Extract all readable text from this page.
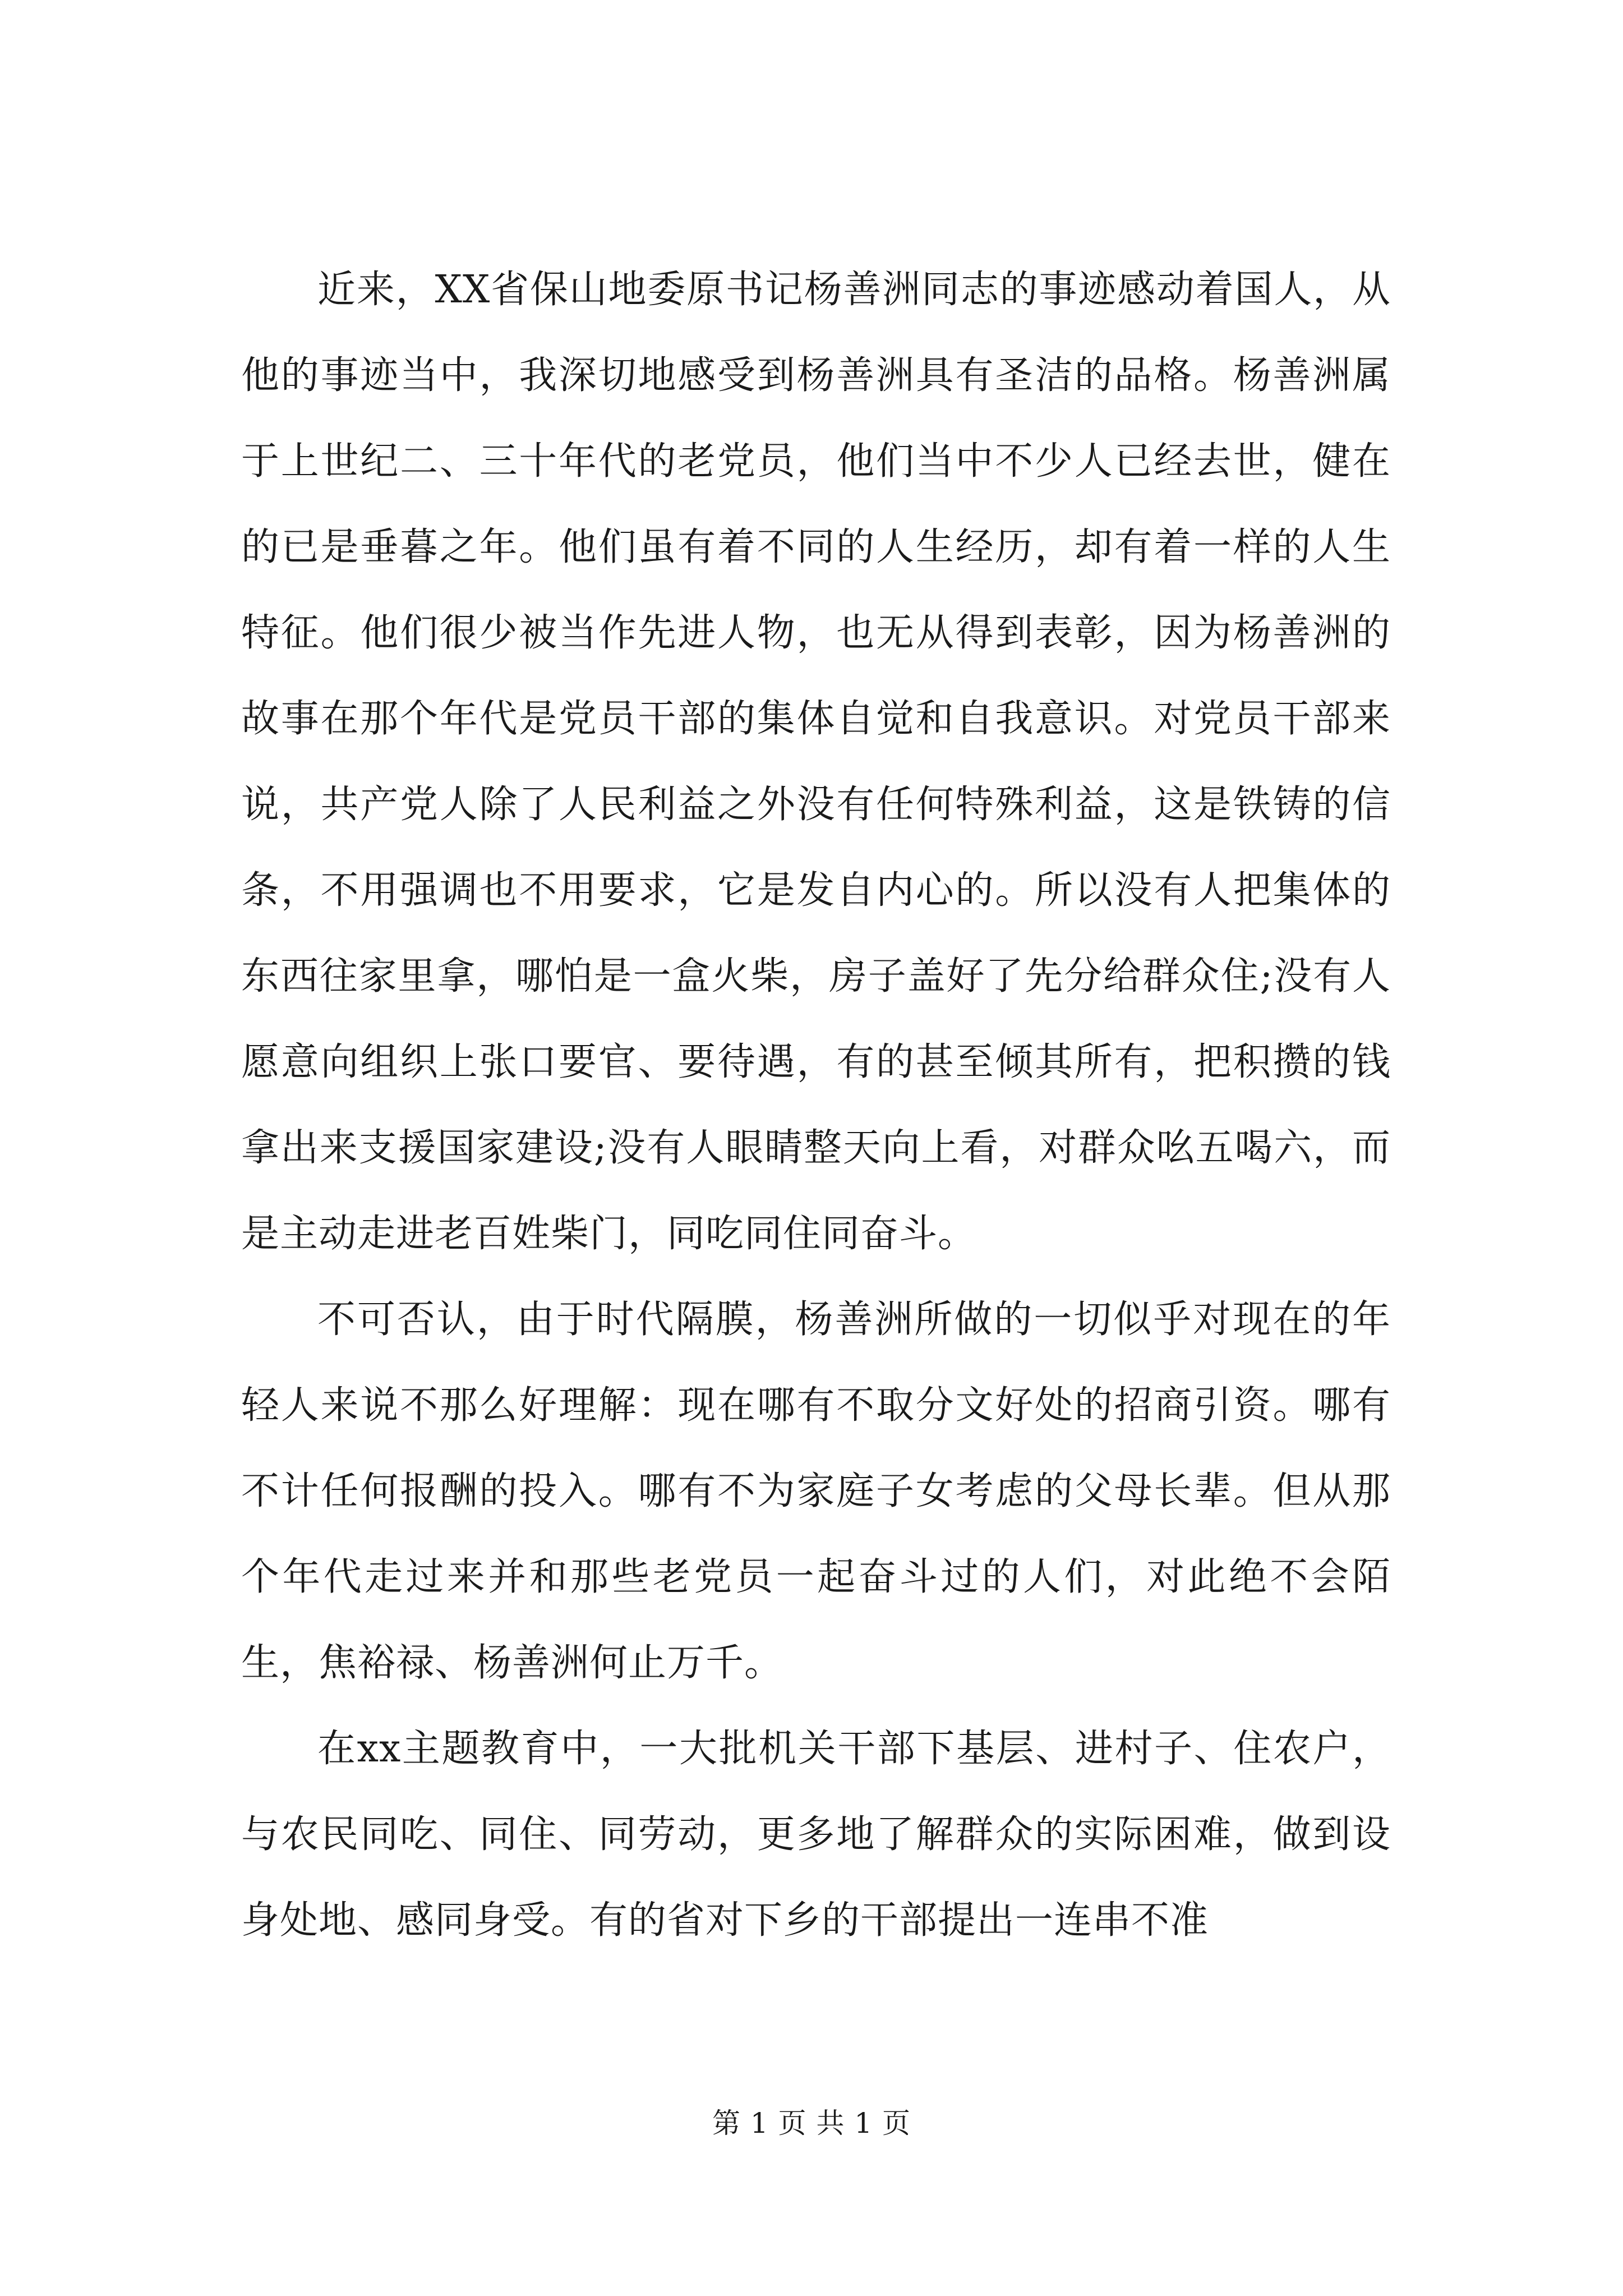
近来，XX省保山地委原书记杨善洲同志的事迹感动着国人，从他的事迹当中，我深切地感受到杨善洲具有圣洁的品格。杨善洲属于上世纪二、三十年代的老党员，他们当中不少人已经去世，健在的已是垂暮之年。他们虽有着不同的人生经历，却有着一样的人生特征。他们很少被当作先进人物，也无从得到表彰，因为杨善洲的故事在那个年代是党员干部的集体自觉和自我意识。对党员干部来说，共产党人除了人民利益之外没有任何特殊利益，这是铁铸的信条，不用强调也不用要求，它是发自内心的。所以没有人把集体的东西往家里拿，哪怕是一盒火柴，房子盖好了先分给群众住;没有人愿意向组织上张口要官、要待遇，有的甚至倾其所有，把积攒的钱拿出来支援国家建设;没有人眼睛整天向上看，对群众吆五喝六，而是主动走进老百姓柴门，同吃同住同奋斗。

不可否认，由于时代隔膜，杨善洲所做的一切似乎对现在的年轻人来说不那么好理解：现在哪有不取分文好处的招商引资。哪有不计任何报酬的投入。哪有不为家庭子女考虑的父母长辈。但从那个年代走过来并和那些老党员一起奋斗过的人们，对此绝不会陌生，焦裕禄、杨善洲何止万千。

在xx主题教育中，一大批机关干部下基层、进村子、住农户，与农民同吃、同住、同劳动，更多地了解群众的实际困难，做到设身处地、感同身受。有的省对下乡的干部提出一连串不准

第 1 页 共 1 页
